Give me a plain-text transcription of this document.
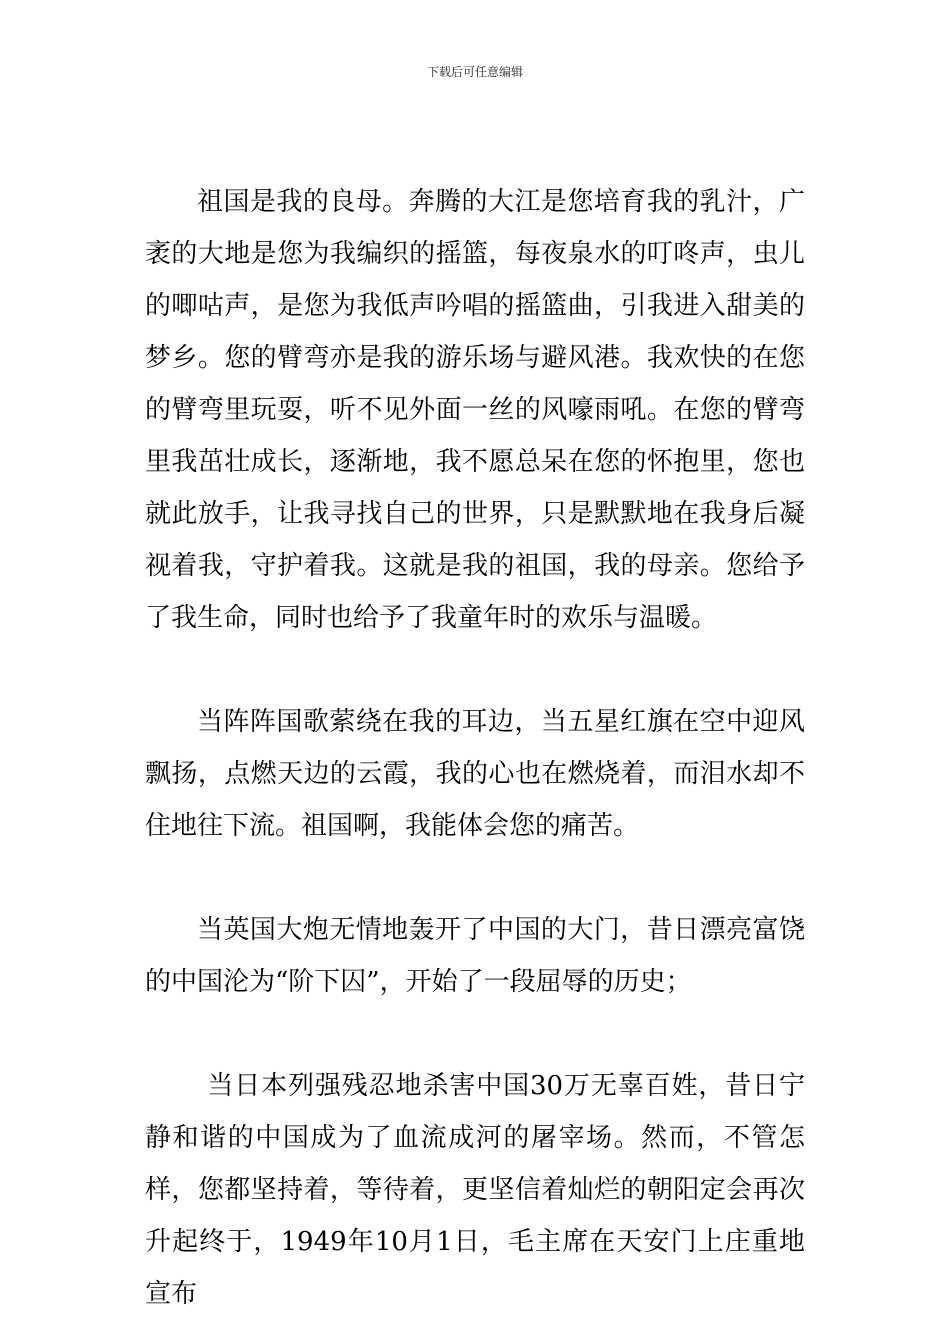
下载后可任意编辑

祖国是我的良母。奔腾的大江是您培育我的乳汁，广袤的大地是您为我编织的摇篮，每夜泉水的叮咚声，虫儿的唧咕声，是您为我低声吟唱的摇篮曲，引我进入甜美的梦乡。您的臂弯亦是我的游乐场与避风港。我欢快的在您的臂弯里玩耍，听不见外面一丝的风嚎雨吼。在您的臂弯里我茁壮成长，逐渐地，我不愿总呆在您的怀抱里，您也就此放手，让我寻找自己的世界，只是默默地在我身后凝视着我，守护着我。这就是我的祖国，我的母亲。您给予了我生命，同时也给予了我童年时的欢乐与温暖。

当阵阵国歌萦绕在我的耳边，当五星红旗在空中迎风飘扬，点燃天边的云霞，我的心也在燃烧着，而泪水却不住地往下流。祖国啊，我能体会您的痛苦。

当英国大炮无情地轰开了中国的大门，昔日漂亮富饶的中国沦为“阶下囚”，开始了一段屈辱的历史；

当日本列强残忍地杀害中国30万无辜百姓，昔日宁静和谐的中国成为了血流成河的屠宰场。然而，不管怎样，您都坚持着，等待着，更坚信着灿烂的朝阳定会再次升起终于，1949年10月1日，毛主席在天安门上庄重地宣布
